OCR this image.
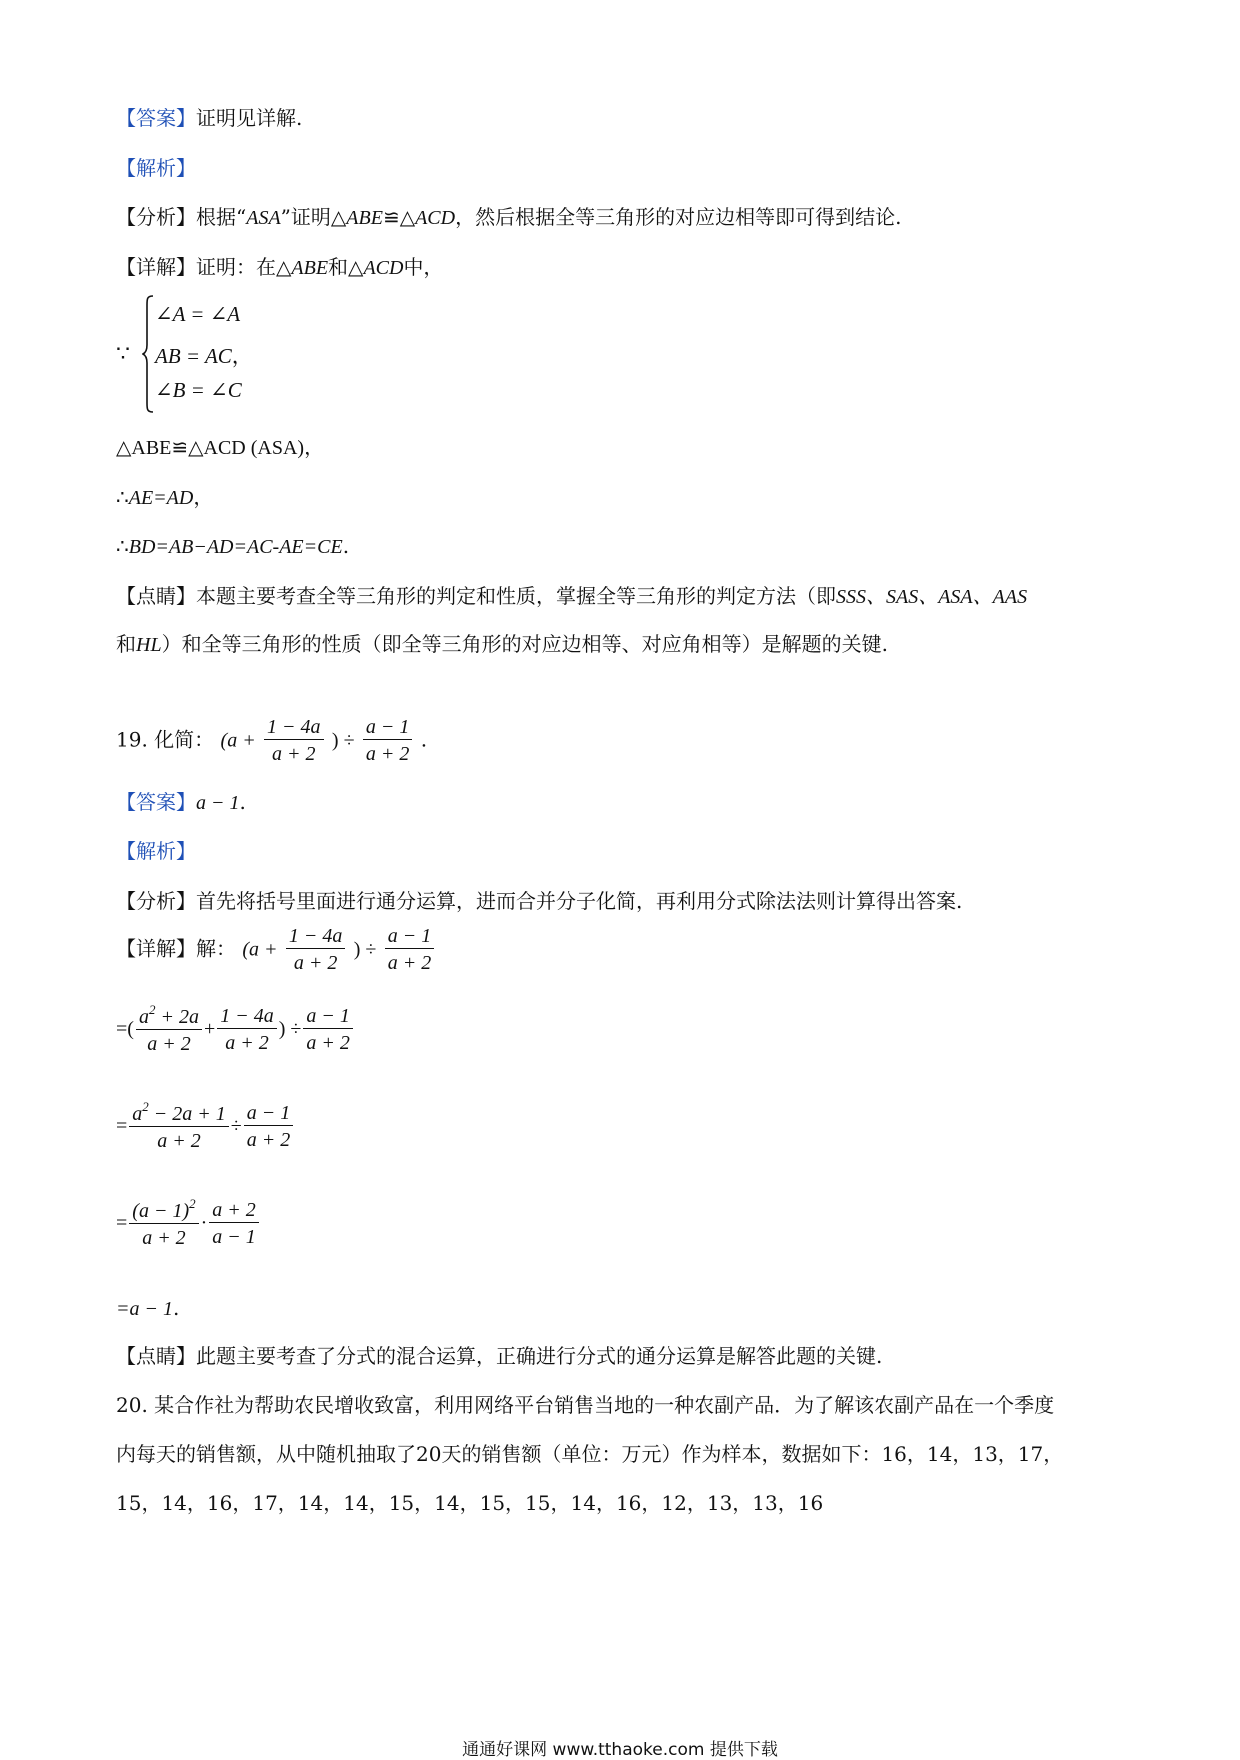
【答案】证明见详解.
【解析】
【分析】根据“ASA”证明△ABE≌△ACD，然后根据全等三角形的对应边相等即可得到结论.
【详解】证明：在△ABE和△ACD中，
∵
∠A = ∠A
AB = AC，
∠B = ∠C
△ABE≌△ACD (ASA)，
∴AE=AD，
∴BD=AB−AD=AC-AE=CE.
【点睛】本题主要考查全等三角形的判定和性质，掌握全等三角形的判定方法（即SSS、SAS、ASA、AAS
和HL）和全等三角形的性质（即全等三角形的对应边相等、对应角相等）是解题的关键.
19. 化简： ($a + \frac{1 - 4a}{a + 2}$ ) ÷ $\frac{a - 1}{a + 2}$ .
【答案】a − 1.
【解析】
【分析】首先将括号里面进行通分运算，进而合并分子化简，再利用分式除法法则计算得出答案.
【详解】解： ($a + \frac{1 - 4a}{a + 2}$ ) ÷ $\frac{a - 1}{a + 2}$
=( $\frac{a^2 + 2a}{a + 2} + \frac{1 - 4a}{a + 2}$ ) ÷ $\frac{a - 1}{a + 2}$
= $\frac{a^2 - 2a + 1}{a + 2} \div \frac{a - 1}{a + 2}$
= $\frac{(a - 1)^2}{a + 2} \cdot \frac{a + 2}{a - 1}$
=a − 1.
【点睛】此题主要考查了分式的混合运算，正确进行分式的通分运算是解答此题的关键.
20. 某合作社为帮助农民增收致富，利用网络平台销售当地的一种农副产品．为了解该农副产品在一个季度
内每天的销售额，从中随机抽取了20天的销售额（单位：万元）作为样本，数据如下：16，14，13，17，
15，14，16，17，14，14，15，14，15，15，14，16，12，13，13，16
通通好课网 www.tthaoke.com 提供下载
